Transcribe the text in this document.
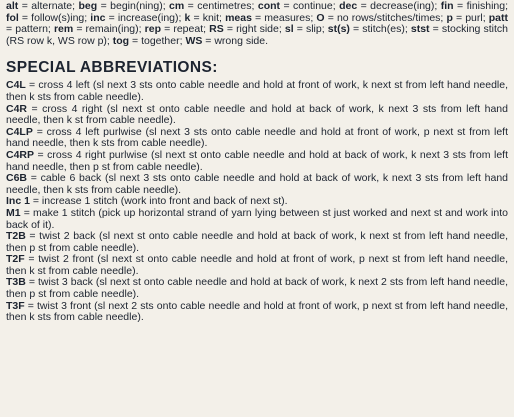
alt = alternate; beg = begin(ning); cm = centimetres; cont = continue; dec = decrease(ing); fin = finishing; fol = follow(s)ing; inc = increase(ing); k = knit; meas = measures; O = no rows/stitches/times; p = purl; patt = pattern; rem = remain(ing); rep = repeat; RS = right side; sl = slip; st(s) = stitch(es); stst = stocking stitch (RS row k, WS row p); tog = together; WS = wrong side.

SPECIAL ABBREVIATIONS:
C4L = cross 4 left (sl next 3 sts onto cable needle and hold at front of work, k next st from left hand needle, then k sts from cable needle).
C4R = cross 4 right (sl next st onto cable needle and hold at back of work, k next 3 sts from left hand needle, then k st from cable needle).
C4LP = cross 4 left purlwise (sl next 3 sts onto cable needle and hold at front of work, p next st from left hand needle, then k sts from cable needle).
C4RP = cross 4 right purlwise (sl next st onto cable needle and hold at back of work, k next 3 sts from left hand needle, then p st from cable needle).
C6B = cable 6 back (sl next 3 sts onto cable needle and hold at back of work, k next 3 sts from left hand needle, then k sts from cable needle).
Inc 1 = increase 1 stitch (work into front and back of next st).
M1 = make 1 stitch (pick up horizontal strand of yarn lying between st just worked and next st and work into back of it).
T2B = twist 2 back (sl next st onto cable needle and hold at back of work, k next st from left hand needle, then p st from cable needle).
T2F = twist 2 front (sl next st onto cable needle and hold at front of work, p next st from left hand needle, then k st from cable needle).
T3B = twist 3 back (sl next st onto cable needle and hold at back of work, k next 2 sts from left hand needle, then p st from cable needle).
T3F = twist 3 front (sl next 2 sts onto cable needle and hold at front of work, p next st from left hand needle, then k sts from cable needle).
